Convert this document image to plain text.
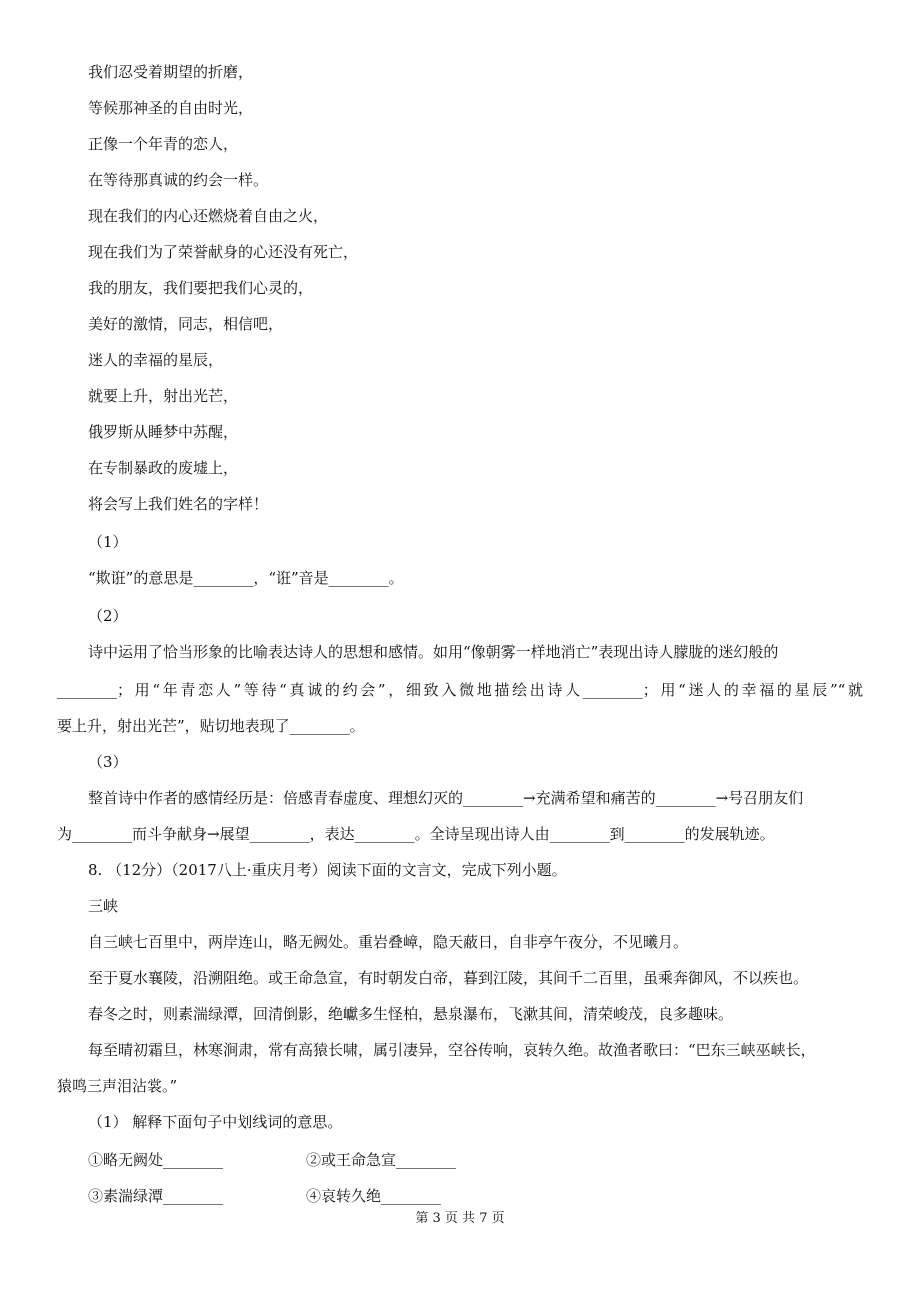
我们忍受着期望的折磨，
等候那神圣的自由时光，
正像一个年青的恋人，
在等待那真诚的约会一样。
现在我们的内心还燃烧着自由之火，
现在我们为了荣誉献身的心还没有死亡，
我的朋友，我们要把我们心灵的，
美好的激情，同志，相信吧，
迷人的幸福的星辰，
就要上升，射出光芒，
俄罗斯从睡梦中苏醒，
在专制暴政的废墟上，
将会写上我们姓名的字样！
（1）
“欺诳”的意思是________，“诳”音是________。
（2）
诗中运用了恰当形象的比喻表达诗人的思想和感情。如用“像朝雾一样地消亡”表现出诗人朦胧的迷幻般的
________；用“年青恋人”等待“真诚的约会”，细致入微地描绘出诗人________；用“迷人的幸福的星辰”“就
要上升，射出光芒”，贴切地表现了________。
（3）
整首诗中作者的感情经历是：倍感青春虚度、理想幻灭的________→充满希望和痛苦的________→号召朋友们
为________而斗争献身→展望________，表达________。全诗呈现出诗人由________到________的发展轨迹。
8. （12分）（2017八上·重庆月考）阅读下面的文言文，完成下列小题。
三峡
自三峡七百里中，两岸连山，略无阙处。重岩叠嶂，隐天蔽日，自非亭午夜分，不见曦月。
至于夏水襄陵，沿溯阻绝。或王命急宣，有时朝发白帝，暮到江陵，其间千二百里，虽乘奔御风，不以疾也。
春冬之时，则素湍绿潭，回清倒影，绝巘多生怪柏，悬泉瀑布，飞漱其间，清荣峻茂，良多趣味。
每至晴初霜旦，林寒涧肃，常有高猿长啸，属引凄异，空谷传响，哀转久绝。故渔者歌曰：“巴东三峡巫峡长，
猿鸣三声泪沾裳。”
（1） 解释下面句子中划线词的意思。
①略无阙处________	②或王命急宣________
③素湍绿潭________	④哀转久绝________
第 3 页 共 7 页
